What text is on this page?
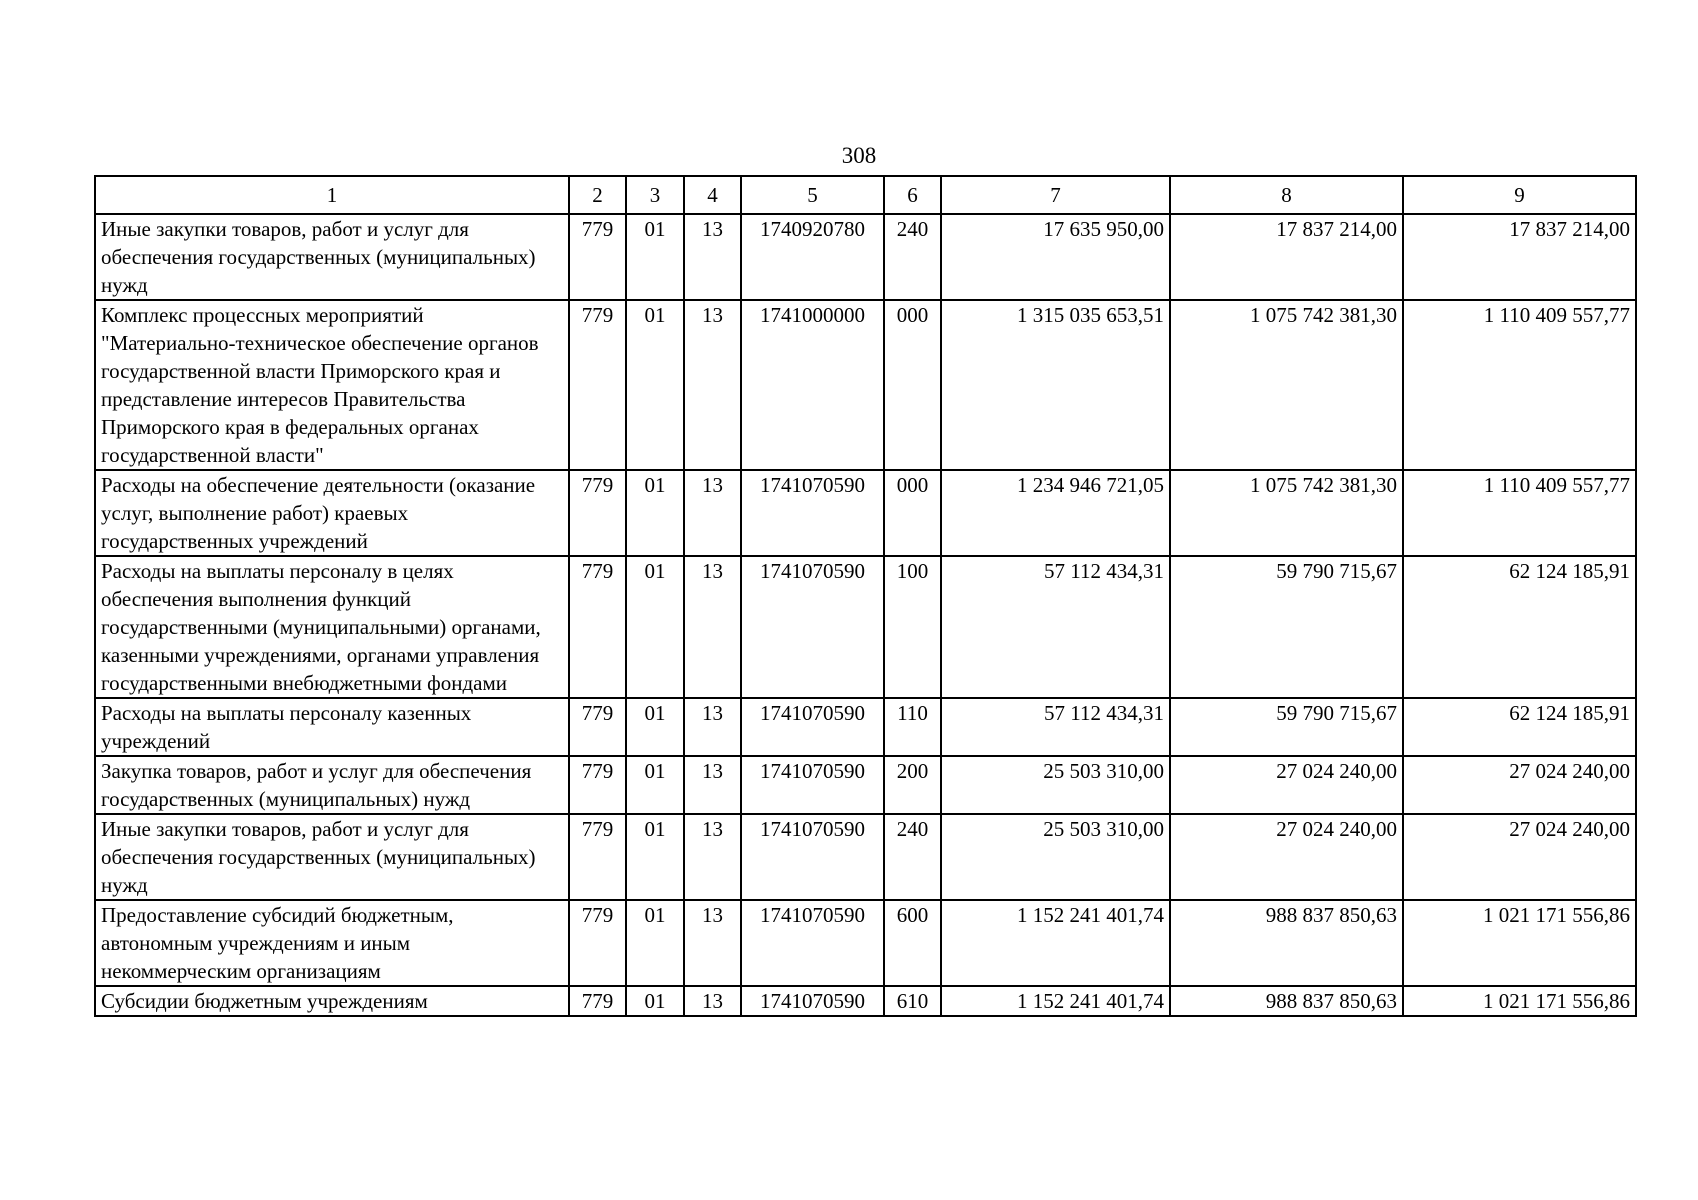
308
1	2	3	4	5	6	7	8	9
Иные закупки товаров, работ и услуг для обеспечения государственных (муниципальных) нужд	779	01	13	1740920780	240	17 635 950,00	17 837 214,00	17 837 214,00
Комплекс процессных мероприятий "Материально-техническое обеспечение органов государственной власти Приморского края и представление интересов Правительства Приморского края в федеральных органах государственной власти"	779	01	13	1741000000	000	1 315 035 653,51	1 075 742 381,30	1 110 409 557,77
Расходы на обеспечение деятельности (оказание услуг, выполнение работ) краевых государственных учреждений	779	01	13	1741070590	000	1 234 946 721,05	1 075 742 381,30	1 110 409 557,77
Расходы на выплаты персоналу в целях обеспечения выполнения функций государственными (муниципальными) органами, казенными учреждениями, органами управления государственными внебюджетными фондами	779	01	13	1741070590	100	57 112 434,31	59 790 715,67	62 124 185,91
Расходы на выплаты персоналу казенных учреждений	779	01	13	1741070590	110	57 112 434,31	59 790 715,67	62 124 185,91
Закупка товаров, работ и услуг для обеспечения государственных (муниципальных) нужд	779	01	13	1741070590	200	25 503 310,00	27 024 240,00	27 024 240,00
Иные закупки товаров, работ и услуг для обеспечения государственных (муниципальных) нужд	779	01	13	1741070590	240	25 503 310,00	27 024 240,00	27 024 240,00
Предоставление субсидий бюджетным, автономным учреждениям и иным некоммерческим организациям	779	01	13	1741070590	600	1 152 241 401,74	988 837 850,63	1 021 171 556,86
Субсидии бюджетным учреждениям	779	01	13	1741070590	610	1 152 241 401,74	988 837 850,63	1 021 171 556,86
